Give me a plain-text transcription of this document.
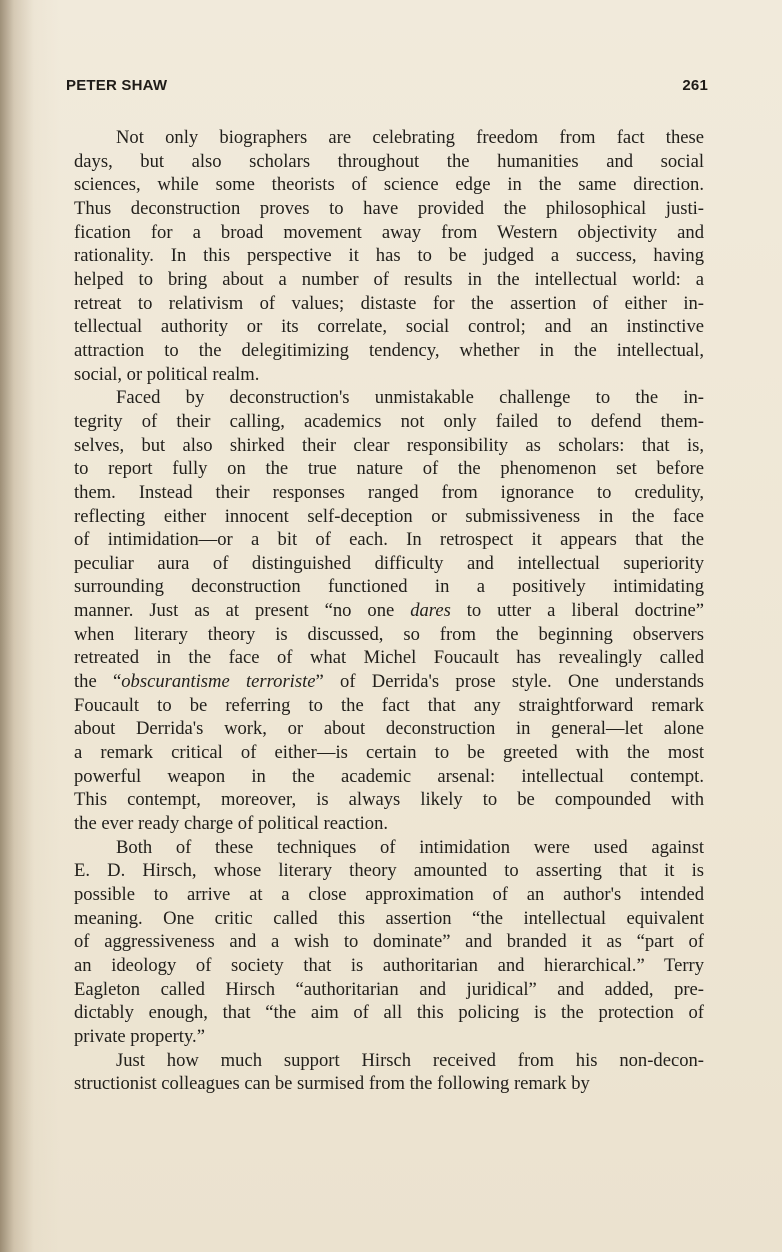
PETER SHAW	261
Not only biographers are celebrating freedom from fact these
days, but also scholars throughout the humanities and social
sciences, while some theorists of science edge in the same direction.
Thus deconstruction proves to have provided the philosophical justi-
fication for a broad movement away from Western objectivity and
rationality. In this perspective it has to be judged a success, having
helped to bring about a number of results in the intellectual world: a
retreat to relativism of values; distaste for the assertion of either in-
tellectual authority or its correlate, social control; and an instinctive
attraction to the delegitimizing tendency, whether in the intellectual,
social, or political realm.
Faced by deconstruction's unmistakable challenge to the in-
tegrity of their calling, academics not only failed to defend them-
selves, but also shirked their clear responsibility as scholars: that is,
to report fully on the true nature of the phenomenon set before
them. Instead their responses ranged from ignorance to credulity,
reflecting either innocent self-deception or submissiveness in the face
of intimidation—or a bit of each. In retrospect it appears that the
peculiar aura of distinguished difficulty and intellectual superiority
surrounding deconstruction functioned in a positively intimidating
manner. Just as at present “no one dares to utter a liberal doctrine”
when literary theory is discussed, so from the beginning observers
retreated in the face of what Michel Foucault has revealingly called
the “obscurantisme terroriste” of Derrida's prose style. One understands
Foucault to be referring to the fact that any straightforward remark
about Derrida's work, or about deconstruction in general—let alone
a remark critical of either—is certain to be greeted with the most
powerful weapon in the academic arsenal: intellectual contempt.
This contempt, moreover, is always likely to be compounded with
the ever ready charge of political reaction.
Both of these techniques of intimidation were used against
E. D. Hirsch, whose literary theory amounted to asserting that it is
possible to arrive at a close approximation of an author's intended
meaning. One critic called this assertion “the intellectual equivalent
of aggressiveness and a wish to dominate” and branded it as “part of
an ideology of society that is authoritarian and hierarchical.” Terry
Eagleton called Hirsch “authoritarian and juridical” and added, pre-
dictably enough, that “the aim of all this policing is the protection of
private property.”
Just how much support Hirsch received from his non-decon-
structionist colleagues can be surmised from the following remark by
